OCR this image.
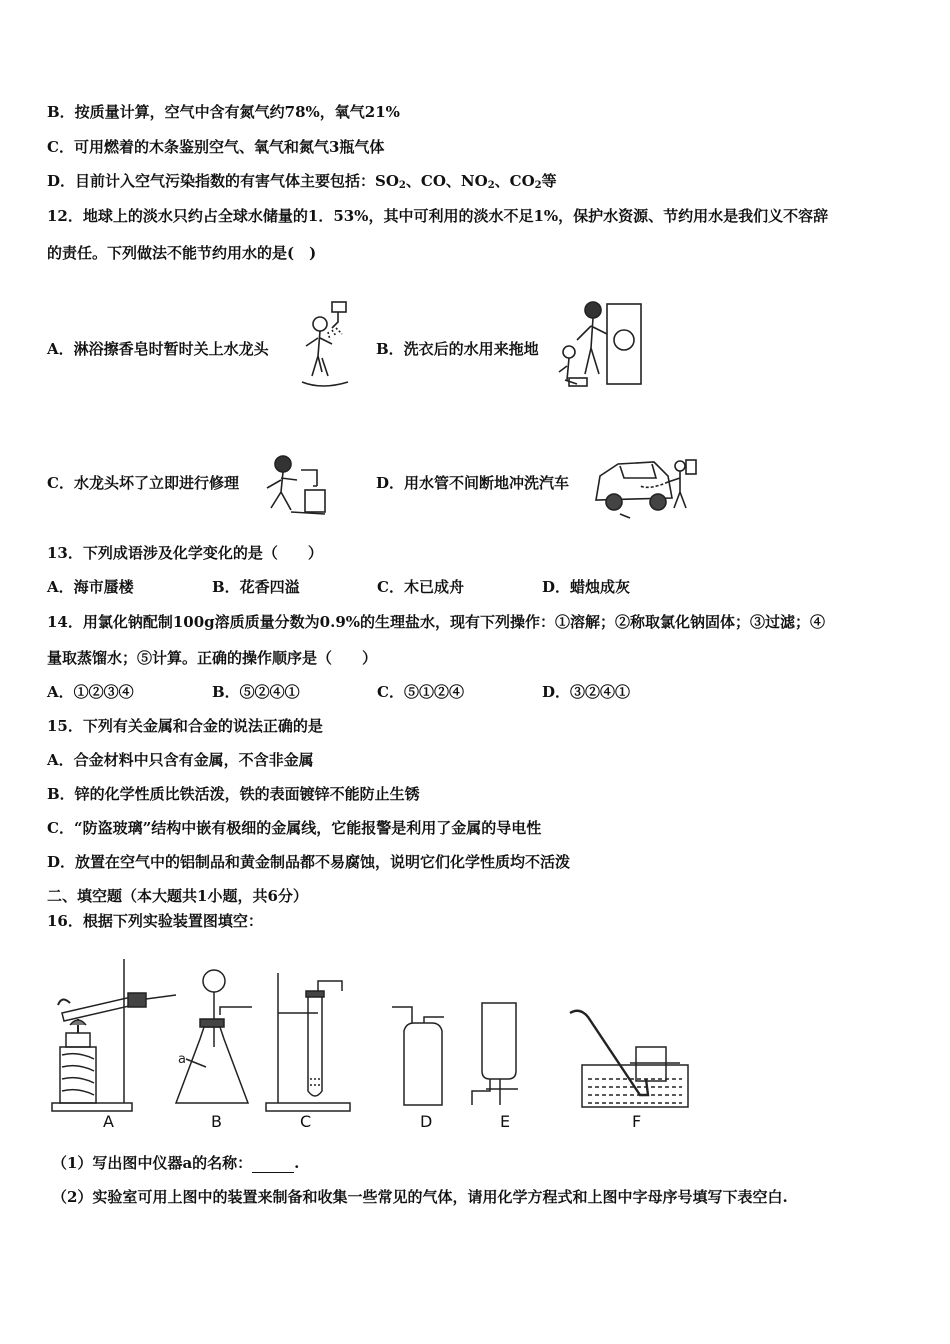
B．按质量计算，空气中含有氮气约78%，氧气21%
C．可用燃着的木条鉴别空气、氧气和氮气3瓶气体
D．目前计入空气污染指数的有害气体主要包括：$SO_2$、CO、$NO_2$、$CO_2$等
12．地球上的淡水只约占全球水储量的1．53%，其中可利用的淡水不足1%，保护水资源、节约用水是我们义不容辞
的责任。下列做法不能节约用水的是(　)
A．淋浴擦香皂时暂时关上水龙头	B．洗衣后的水用来拖地
C．水龙头坏了立即进行修理	D．用水管不间断地冲洗汽车
13．下列成语涉及化学变化的是（　　）
A．海市蜃楼	B．花香四溢	C．木已成舟	D．蜡烛成灰
14．用氯化钠配制100g溶质质量分数为0.9%的生理盐水，现有下列操作：①溶解；②称取氯化钠固体；③过滤；④
量取蒸馏水；⑤计算。正确的操作顺序是（　　）
A．①②③④	B．⑤②④①	C．⑤①②④	D．③②④①
15．下列有关金属和合金的说法正确的是
A．合金材料中只含有金属，不含非金属
B．锌的化学性质比铁活泼，铁的表面镀锌不能防止生锈
C．“防盗玻璃”结构中嵌有极细的金属线，它能报警是利用了金属的导电性
D．放置在空气中的铝制品和黄金制品都不易腐蚀，说明它们化学性质均不活泼
二、填空题（本大题共1小题，共6分）
16．根据下列实验装置图填空：
a
A	B	C	D	E	F
（1）写出图中仪器a的名称：	.
（2）实验室可用上图中的装置来制备和收集一些常见的气体，请用化学方程式和上图中字母序号填写下表空白.
